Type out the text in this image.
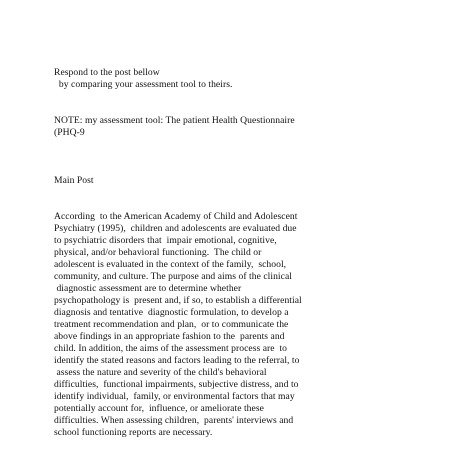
Respond to the post bellow
by comparing your assessment tool to theirs.
NOTE: my assessment tool: The patient Health Questionnaire
(PHQ-9
Main Post
According  to the American Academy of Child and Adolescent
Psychiatry (1995),  children and adolescents are evaluated due
to psychiatric disorders that  impair emotional, cognitive,
physical, and/or behavioral functioning.  The child or
adolescent is evaluated in the context of the family,  school,
community, and culture. The purpose and aims of the clinical
diagnostic assessment are to determine whether
psychopathology is  present and, if so, to establish a differential
diagnosis and tentative  diagnostic formulation, to develop a
treatment recommendation and plan,  or to communicate the
above findings in an appropriate fashion to the  parents and
child. In addition, the aims of the assessment process are  to
identify the stated reasons and factors leading to the referral, to
assess the nature and severity of the child's behavioral
difficulties,  functional impairments, subjective distress, and to
identify individual,  family, or environmental factors that may
potentially account for,  influence, or ameliorate these
difficulties. When assessing children,  parents' interviews and
school functioning reports are necessary.
